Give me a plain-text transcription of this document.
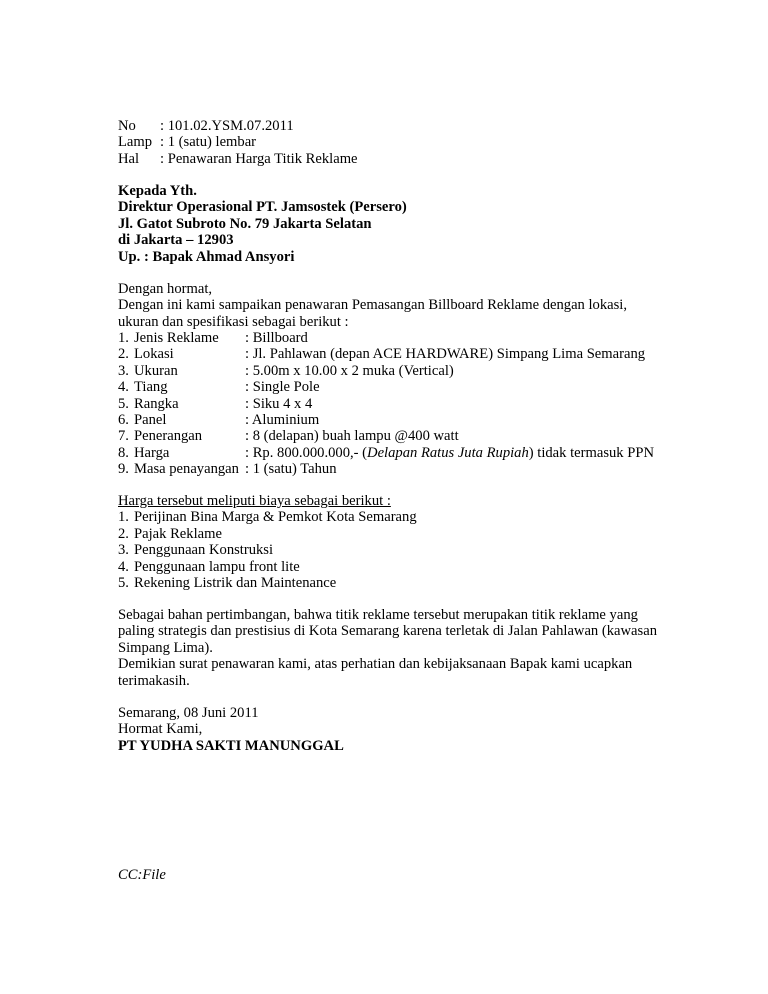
No	: 101.02.YSM.07.2011
Lamp : 1 (satu) lembar
Hal	: Penawaran Harga Titik Reklame

Kepada Yth.

Direktur Operasional PT. Jamsostek (Persero)

Jl. Gatot Subroto No. 79 Jakarta Selatan

di Jakarta – 12903

Up. : Bapak Ahmad Ansyori

Dengan hormat,

Dengan ini kami sampaikan penawaran Pemasangan Billboard Reklame dengan lokasi,

ukuran dan spesifikasi sebagai berikut :

1. Jenis Reklame	: Billboard
2. Lokasi	: Jl. Pahlawan (depan ACE HARDWARE) Simpang Lima Semarang
3. Ukuran	: 5.00m x 10.00 x 2 muka (Vertical)
4. Tiang	: Single Pole
5. Rangka	: Siku 4 x 4
6. Panel	: Aluminium
7. Penerangan	: 8 (delapan) buah lampu @400 watt
8. Harga	: Rp. 800.000.000,- (Delapan Ratus Juta Rupiah) tidak termasuk PPN
9. Masa penayangan : 1 (satu) Tahun

Harga tersebut meliputi biaya sebagai berikut :

1. Perijinan Bina Marga & Pemkot Kota Semarang
2. Pajak Reklame
3. Penggunaan Konstruksi
4. Penggunaan lampu front lite
5. Rekening Listrik dan Maintenance

Sebagai bahan pertimbangan, bahwa titik reklame tersebut merupakan titik reklame yang

paling strategis dan prestisius di Kota Semarang karena terletak di Jalan Pahlawan (kawasan

Simpang Lima).

Demikian surat penawaran kami, atas perhatian dan kebijaksanaan Bapak kami ucapkan

terimakasih.

Semarang, 08 Juni 2011

Hormat Kami,

PT YUDHA SAKTI MANUNGGAL

CC:File
